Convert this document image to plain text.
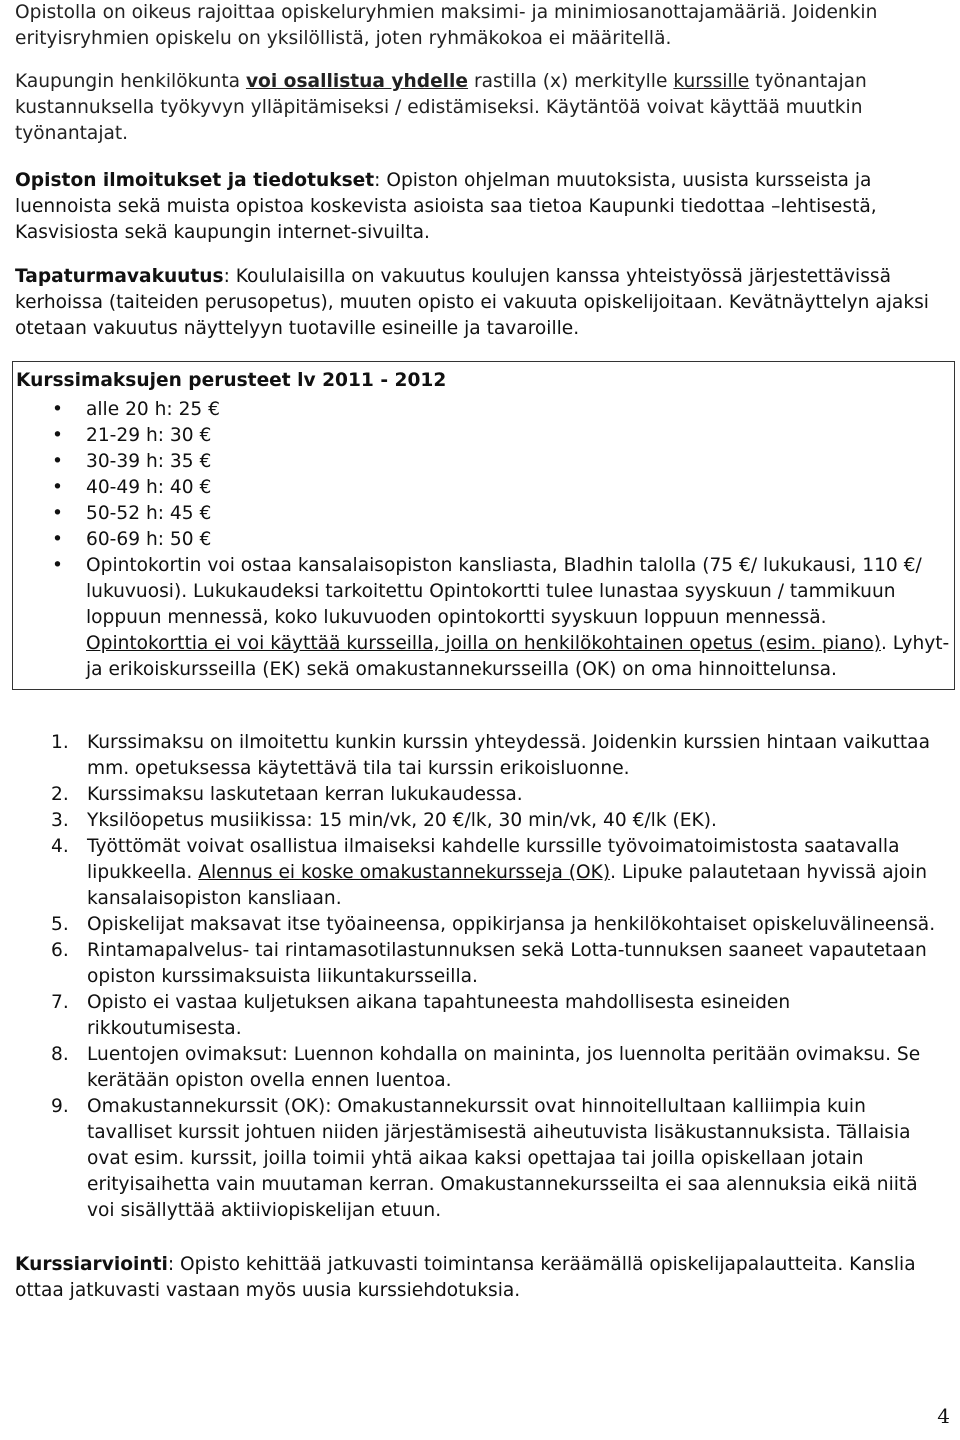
Opistolla on oikeus rajoittaa opiskeluryhmien maksimi- ja minimiosanottajamääriä. Joidenkin erityisryhmien opiskelu on yksilöllistä, joten ryhmäkokoa ei määritellä.

Kaupungin henkilökunta voi osallistua yhdelle rastilla (x) merkitylle kurssille työnantajan kustannuksella työkyvyn ylläpitämiseksi / edistämiseksi. Käytäntöä voivat käyttää muutkin työnantajat.

Opiston ilmoitukset ja tiedotukset: Opiston ohjelman muutoksista, uusista kursseista ja luennoista sekä muista opistoa koskevista asioista saa tietoa Kaupunki tiedottaa –lehtisestä, Kasvisiosta sekä kaupungin internet-sivuilta.

Tapaturmavakuutus: Koululaisilla on vakuutus koulujen kanssa yhteistyössä järjestettävissä kerhoissa (taiteiden perusopetus), muuten opisto ei vakuuta opiskelijoitaan. Kevätnäyttelyn ajaksi otetaan vakuutus näyttelyyn tuotaville esineille ja tavaroille.

Kurssimaksujen perusteet lv 2011 - 2012
• alle 20 h: 25 €
• 21-29 h: 30 €
• 30-39 h: 35 €
• 40-49 h: 40 €
• 50-52 h: 45 €
• 60-69 h: 50 €
• Opintokortin voi ostaa kansalaisopiston kansliasta, Bladhin talolla (75 €/ lukukausi, 110 €/ lukuvuosi). Lukukaudeksi tarkoitettu Opintokortti tulee lunastaa syyskuun / tammikuun loppuun mennessä, koko lukuvuoden opintokortti syyskuun loppuun mennessä. Opintokorttia ei voi käyttää kursseilla, joilla on henkilökohtainen opetus (esim. piano). Lyhyt- ja erikoiskursseilla (EK) sekä omakustannekursseilla (OK) on oma hinnoittelunsa.
1. Kurssimaksu on ilmoitettu kunkin kurssin yhteydessä. Joidenkin kurssien hintaan vaikuttaa mm. opetuksessa käytettävä tila tai kurssin erikoisluonne.
2. Kurssimaksu laskutetaan kerran lukukaudessa.
3. Yksilöopetus musiikissa: 15 min/vk, 20 €/lk, 30 min/vk, 40 €/lk (EK).
4. Työttömät voivat osallistua ilmaiseksi kahdelle kurssille työvoimatoimistosta saatavalla lipukkeella. Alennus ei koske omakustannekursseja (OK). Lipuke palautetaan hyvissä ajoin kansalaisopiston kansliaan.
5. Opiskelijat maksavat itse työaineensa, oppikirjansa ja henkilökohtaiset opiskeluvälineensä.
6. Rintamapalvelus- tai rintamasotilastunnuksen sekä Lotta-tunnuksen saaneet vapautetaan opiston kurssimaksuista liikuntakursseilla.
7. Opisto ei vastaa kuljetuksen aikana tapahtuneesta mahdollisesta esineiden rikkoutumisesta.
8. Luentojen ovimaksut: Luennon kohdalla on maininta, jos luennolta peritään ovimaksu. Se kerätään opiston ovella ennen luentoa.
9. Omakustannekurssit (OK): Omakustannekurssit ovat hinnoitellultaan kalliimpia kuin tavalliset kurssit johtuen niiden järjestämisestä aiheutuvista lisäkustannuksista. Tällaisia ovat esim. kurssit, joilla toimii yhtä aikaa kaksi opettajaa tai joilla opiskellaan jotain erityisaihetta vain muutaman kerran. Omakustannekursseilta ei saa alennuksia eikä niitä voi sisällyttää aktiiviopiskelijan etuun.

Kurssiarviointi: Opisto kehittää jatkuvasti toimintansa keräämällä opiskelijapalautteita. Kanslia ottaa jatkuvasti vastaan myös uusia kurssiehdotuksia.

4
